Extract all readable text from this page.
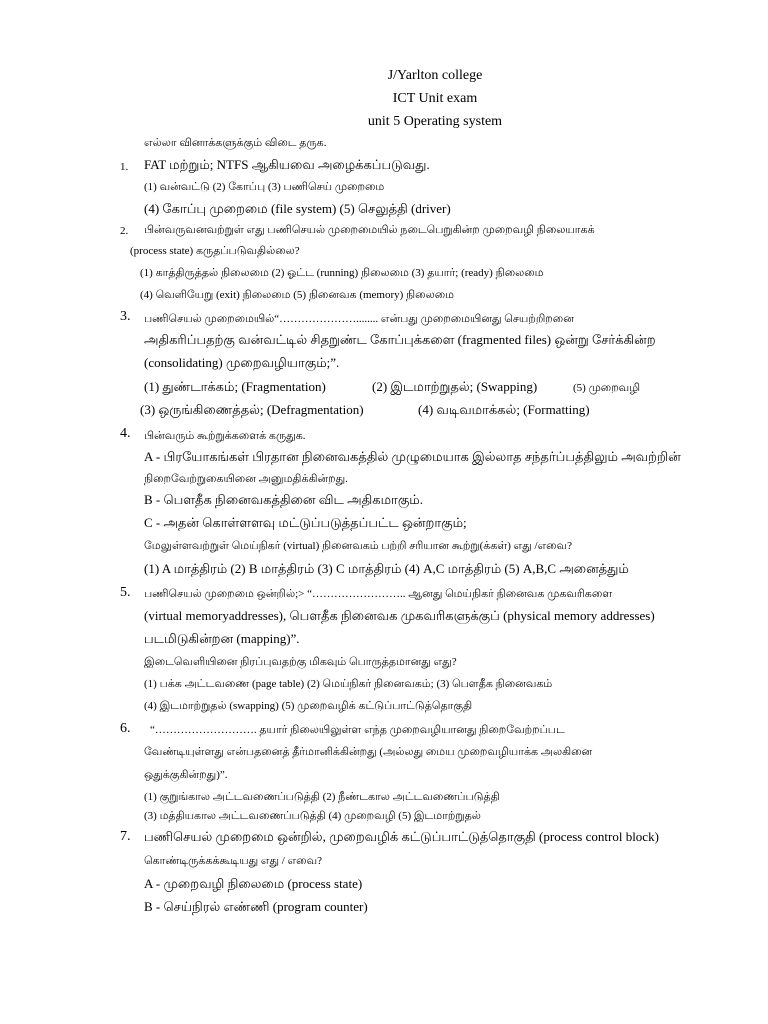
J/Yarlton college
ICT Unit exam
unit 5 Operating system
எல்லா வினாக்களுக்கும் விடை தருக.
1. FAT மற்றும்; NTFS ஆகியவை அழைக்கப்படுவது.
(1) வன்வட்டு (2) கோப்பு (3) பணிசெய் முறைமை
(4) கோப்பு முறைமை (file system) (5) செலுத்தி (driver)
2. பின்வருவனவற்றுள் எது பணிசெயல் முறைமையில் நடைபெறுகின்ற முறைவழி நிலையாகக்
(process state) கருதப்படுவதில்லை?
(1) காத்திருத்தல் நிலைமை (2) ஓட்ட (running) நிலைமை (3) தயார்; (ready) நிலைமை
(4) வெளியேறு (exit) நிலைமை (5) நினைவக (memory) நிலைமை
3. பணிசெயல் முறைமையில்“…………………........ என்பது முறைமையினது செயற்றிறனை
அதிகரிப்பதற்கு வன்வட்டில் சிதறுண்ட கோப்புக்களை (fragmented files) ஒன்று சேர்க்கின்ற
(consolidating) முறைவழியாகும்;”.
(1) துண்டாக்கம்; (Fragmentation)	(2) இடமாற்றுதல்; (Swapping)	(5) முறைவழி
(3) ஒருங்கிணைத்தல்; (Defragmentation)	(4) வடிவமாக்கல்; (Formatting)
4. பின்வரும் கூற்றுக்களைக் கருதுக.
A - பிரயோகங்கள் பிரதான நினைவகத்தில் முழுமையாக இல்லாத சந்தர்ப்பத்திலும் அவற்றின்
நிறைவேற்றுகையினை அனுமதிக்கின்றது.
B - பௌதீக நினைவகத்தினை விட அதிகமாகும்.
C - அதன் கொள்ளளவு மட்டுப்படுத்தப்பட்ட ஒன்றாகும்;
மேலுள்ளவற்றுள் மெய்நிகர் (virtual) நினைவகம் பற்றி சரியான கூற்று(க்கள்) எது /எவை?
(1) A மாத்திரம் (2) B மாத்திரம் (3) C மாத்திரம் (4) A,C மாத்திரம் (5) A,B,C அனைத்தும்
5. பணிசெயல் முறைமை ஒன்றில்;> “…………………….. ஆனது மெய்நிகர் நினைவக முகவரிகளை
(virtual memoryaddresses), பௌதீக நினைவக முகவரிகளுக்குப் (physical memory addresses)
படமிடுகின்றன (mapping)”.
இடைவெளியினை நிரப்புவதற்கு மிகவும் பொருத்தமானது எது?
(1) பக்க அட்டவணை (page table) (2) மெய்நிகர் நினைவகம்; (3) பௌதீக நினைவகம்
(4) இடமாற்றுதல் (swapping) (5) முறைவழிக் கட்டுப்பாட்டுத்தொகுதி
6. “………………………. தயார் நிலையிலுள்ள எந்த முறைவழியானது நிறைவேற்றப்பட
வேண்டியுள்ளது என்பதனைத் தீர்மானிக்கின்றது (அல்லது மைய முறைவழியாக்க அலகினை
ஒதுக்குகின்றது)”.
(1) குறுங்கால அட்டவணைப்படுத்தி (2) நீண்டகால அட்டவணைப்படுத்தி
(3) மத்தியகால அட்டவணைப்படுத்தி (4) முறைவழி (5) இடமாற்றுதல்
7. பணிசெயல் முறைமை ஒன்றில், முறைவழிக் கட்டுப்பாட்டுத்தொகுதி (process control block)
கொண்டிருக்கக்கூடியது எது / எவை?
A - முறைவழி நிலைமை (process state)
B - செய்நிரல் எண்ணி (program counter)
